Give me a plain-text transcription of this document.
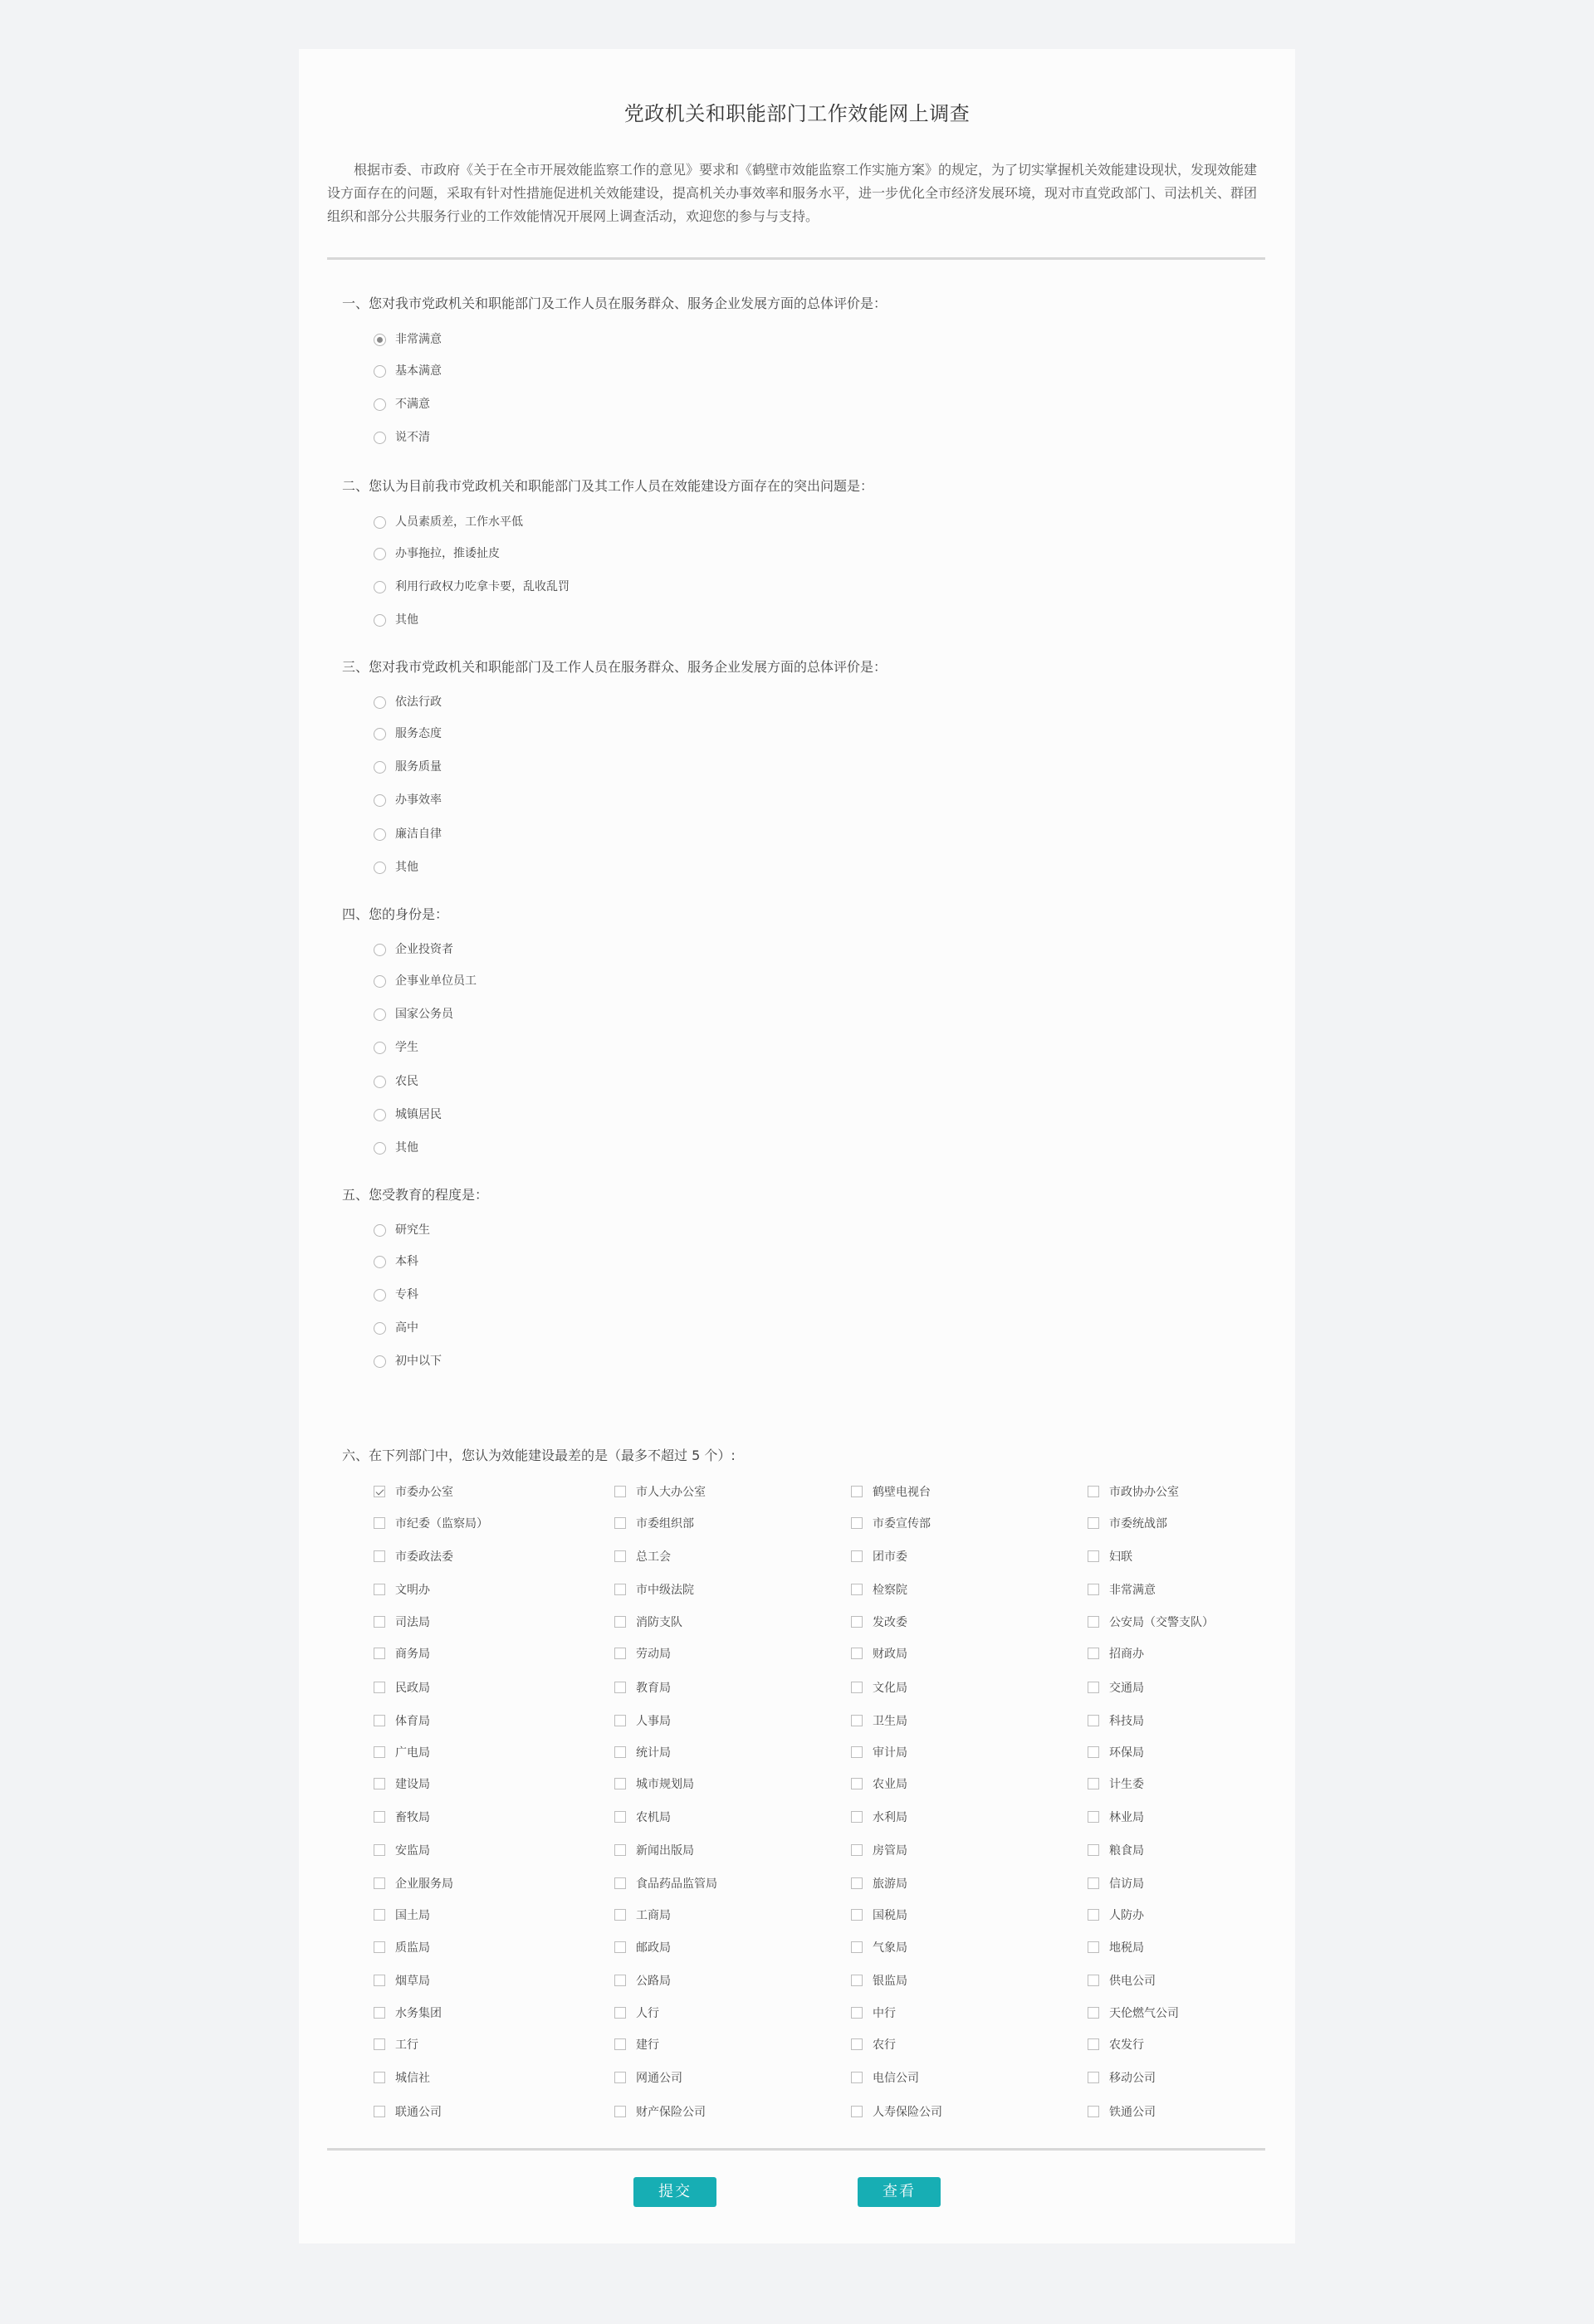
党政机关和职能部门工作效能网上调查
根据市委、市政府《关于在全市开展效能监察工作的意见》要求和《鹤壁市效能监察工作实施方案》的规定，为了切实掌握机关效能建设现状，发现效能建设方面存在的问题，采取有针对性措施促进机关效能建设，提高机关办事效率和服务水平，进一步优化全市经济发展环境，现对市直党政部门、司法机关、群团组织和部分公共服务行业的工作效能情况开展网上调查活动，欢迎您的参与与支持。
一、您对我市党政机关和职能部门及工作人员在服务群众、服务企业发展方面的总体评价是：
非常满意
基本满意
不满意
说不清
二、您认为目前我市党政机关和职能部门及其工作人员在效能建设方面存在的突出问题是：
人员素质差，工作水平低
办事拖拉，推诿扯皮
利用行政权力吃拿卡要，乱收乱罚
其他
三、您对我市党政机关和职能部门及工作人员在服务群众、服务企业发展方面的总体评价是：
依法行政
服务态度
服务质量
办事效率
廉洁自律
其他
四、您的身份是：
企业投资者
企事业单位员工
国家公务员
学生
农民
城镇居民
其他
五、您受教育的程度是：
研究生
本科
专科
高中
初中以下
六、在下列部门中，您认为效能建设最差的是（最多不超过 5 个）:
市委办公室	市人大办公室	鹤壁电视台	市政协办公室
市纪委（监察局）	市委组织部	市委宣传部	市委统战部
市委政法委	总工会	团市委	妇联
文明办	市中级法院	检察院	非常满意
司法局	消防支队	发改委	公安局（交警支队）
商务局	劳动局	财政局	招商办
民政局	教育局	文化局	交通局
体育局	人事局	卫生局	科技局
广电局	统计局	审计局	环保局
建设局	城市规划局	农业局	计生委
畜牧局	农机局	水利局	林业局
安监局	新闻出版局	房管局	粮食局
企业服务局	食品药品监管局	旅游局	信访局
国土局	工商局	国税局	人防办
质监局	邮政局	气象局	地税局
烟草局	公路局	银监局	供电公司
水务集团	人行	中行	天伦燃气公司
工行	建行	农行	农发行
城信社	网通公司	电信公司	移动公司
联通公司	财产保险公司	人寿保险公司	铁通公司
提交	查看
